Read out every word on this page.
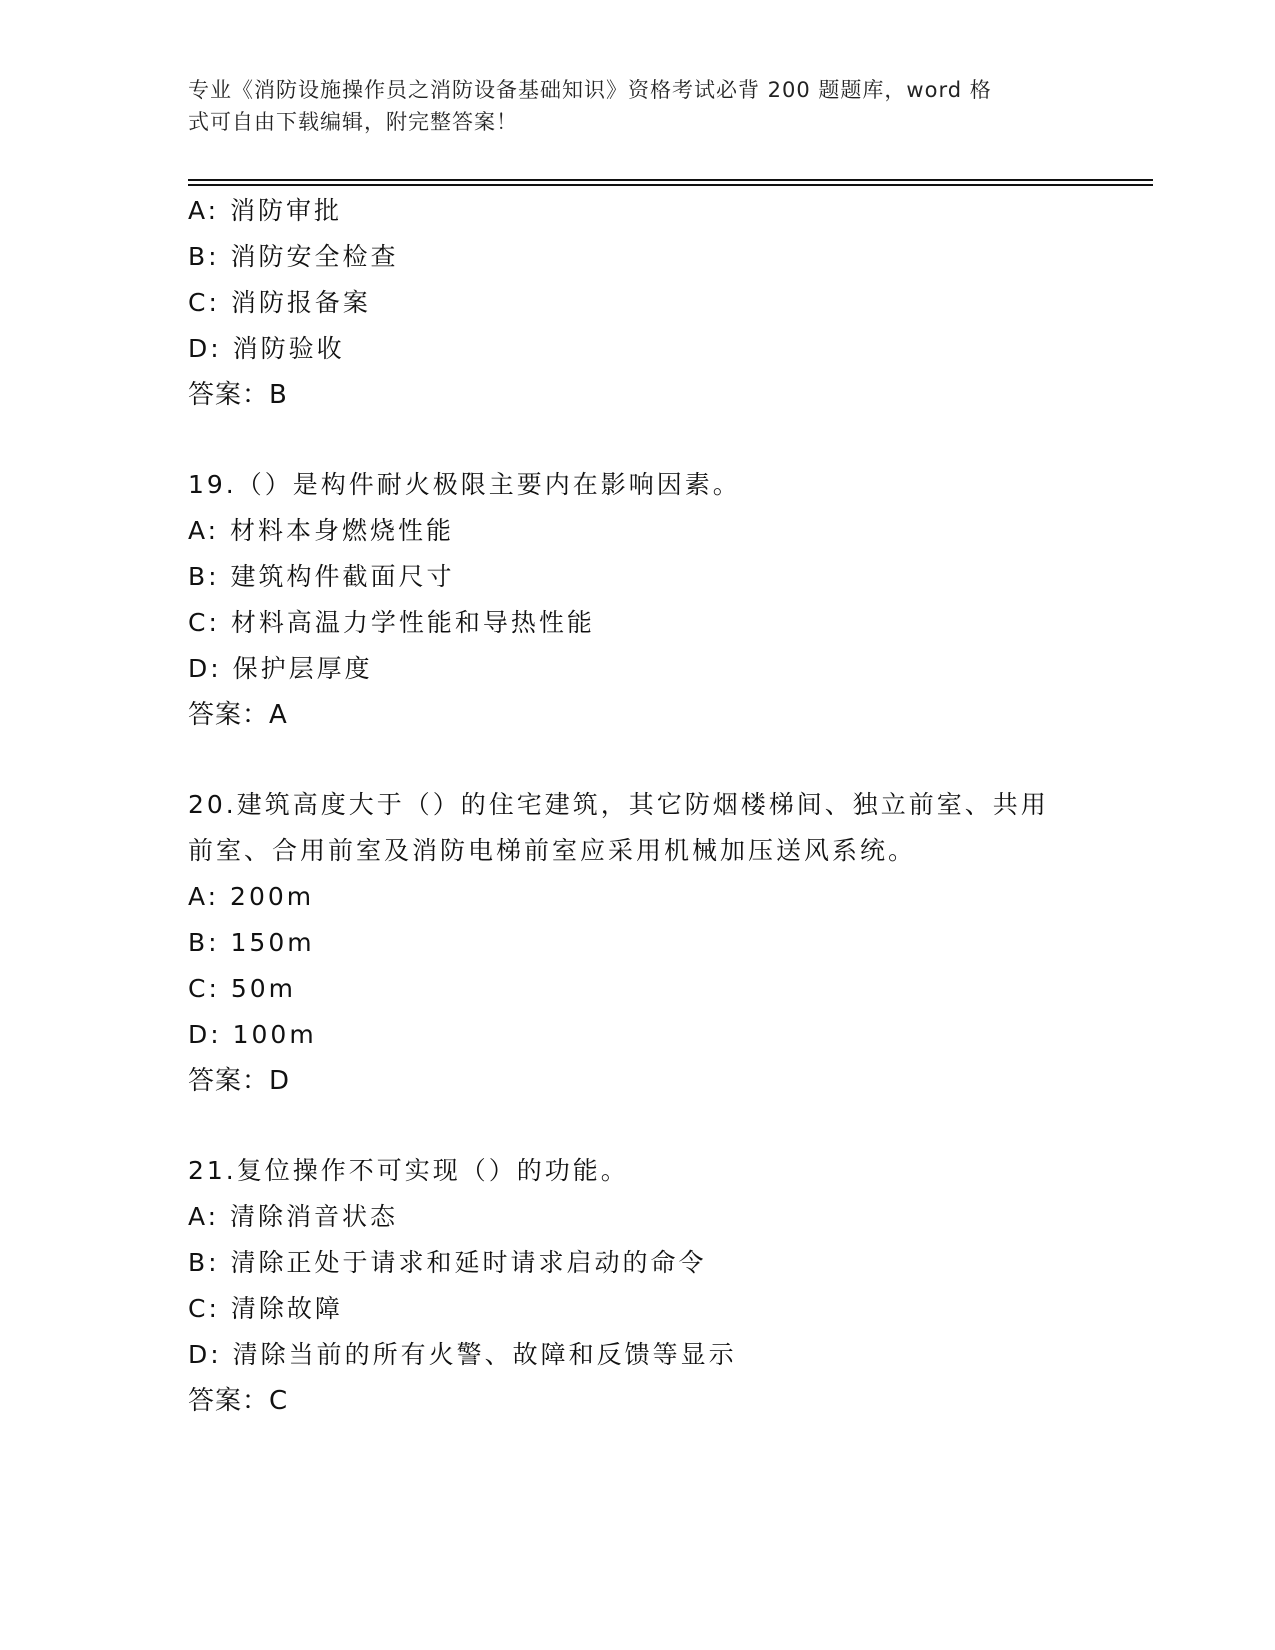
专业《消防设施操作员之消防设备基础知识》资格考试必背 200 题题库，word 格
式可自由下载编辑，附完整答案！
A: 消防审批
B: 消防安全检查
C: 消防报备案
D: 消防验收
答案：B
19.（）是构件耐火极限主要内在影响因素。
A: 材料本身燃烧性能
B: 建筑构件截面尺寸
C: 材料高温力学性能和导热性能
D: 保护层厚度
答案：A
20.建筑高度大于（）的住宅建筑，其它防烟楼梯间、独立前室、共用
前室、合用前室及消防电梯前室应采用机械加压送风系统。
A: 200m
B: 150m
C: 50m
D: 100m
答案：D
21.复位操作不可实现（）的功能。
A: 清除消音状态
B: 清除正处于请求和延时请求启动的命令
C: 清除故障
D: 清除当前的所有火警、故障和反馈等显示
答案：C
